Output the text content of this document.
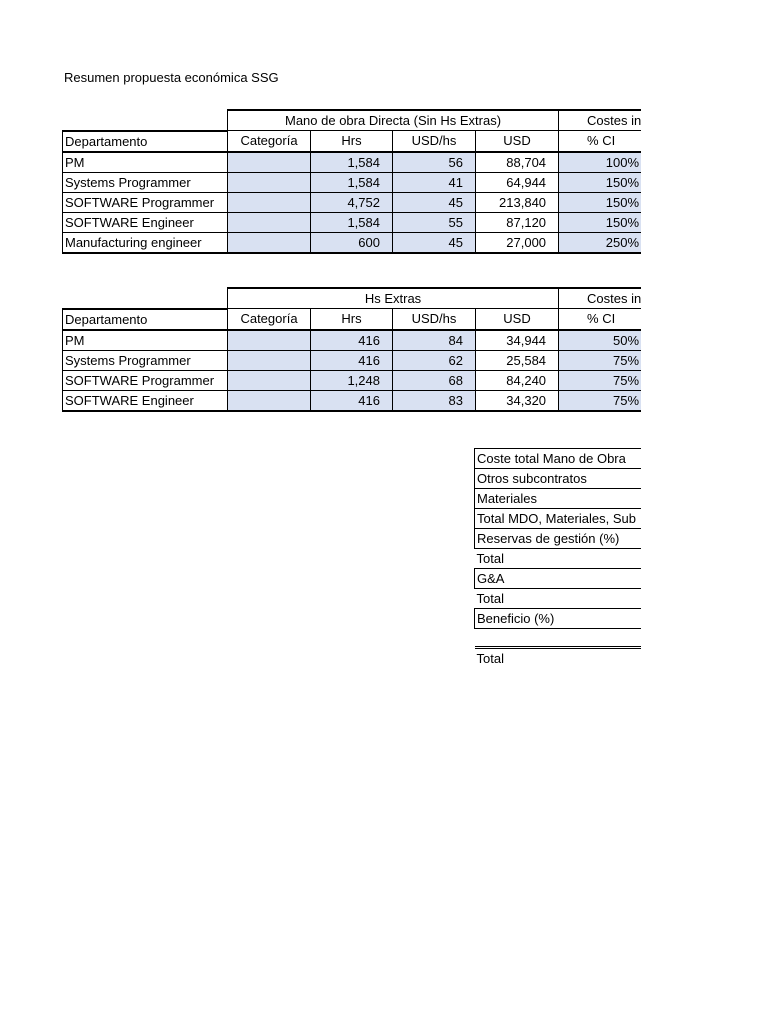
Resumen propuesta económica SSG
	Mano de obra Directa (Sin Hs Extras)				Costes in
Departamento	Categoría	Hrs	USD/hs	USD	% CI
PM		1,584	56	88,704	100%
Systems Programmer		1,584	41	64,944	150%
SOFTWARE Programmer		4,752	45	213,840	150%
SOFTWARE Engineer		1,584	55	87,120	150%
Manufacturing engineer		600	45	27,000	250%
	Hs Extras				Costes in
Departamento	Categoría	Hrs	USD/hs	USD	% CI
PM		416	84	34,944	50%
Systems Programmer		416	62	25,584	75%
SOFTWARE Programmer		1,248	68	84,240	75%
SOFTWARE Engineer		416	83	34,320	75%
Coste total Mano de Obra
Otros subcontratos
Materiales
Total MDO, Materiales, Sub
Reservas de gestión (%)
Total
G&A
Total
Beneficio (%)

Total
